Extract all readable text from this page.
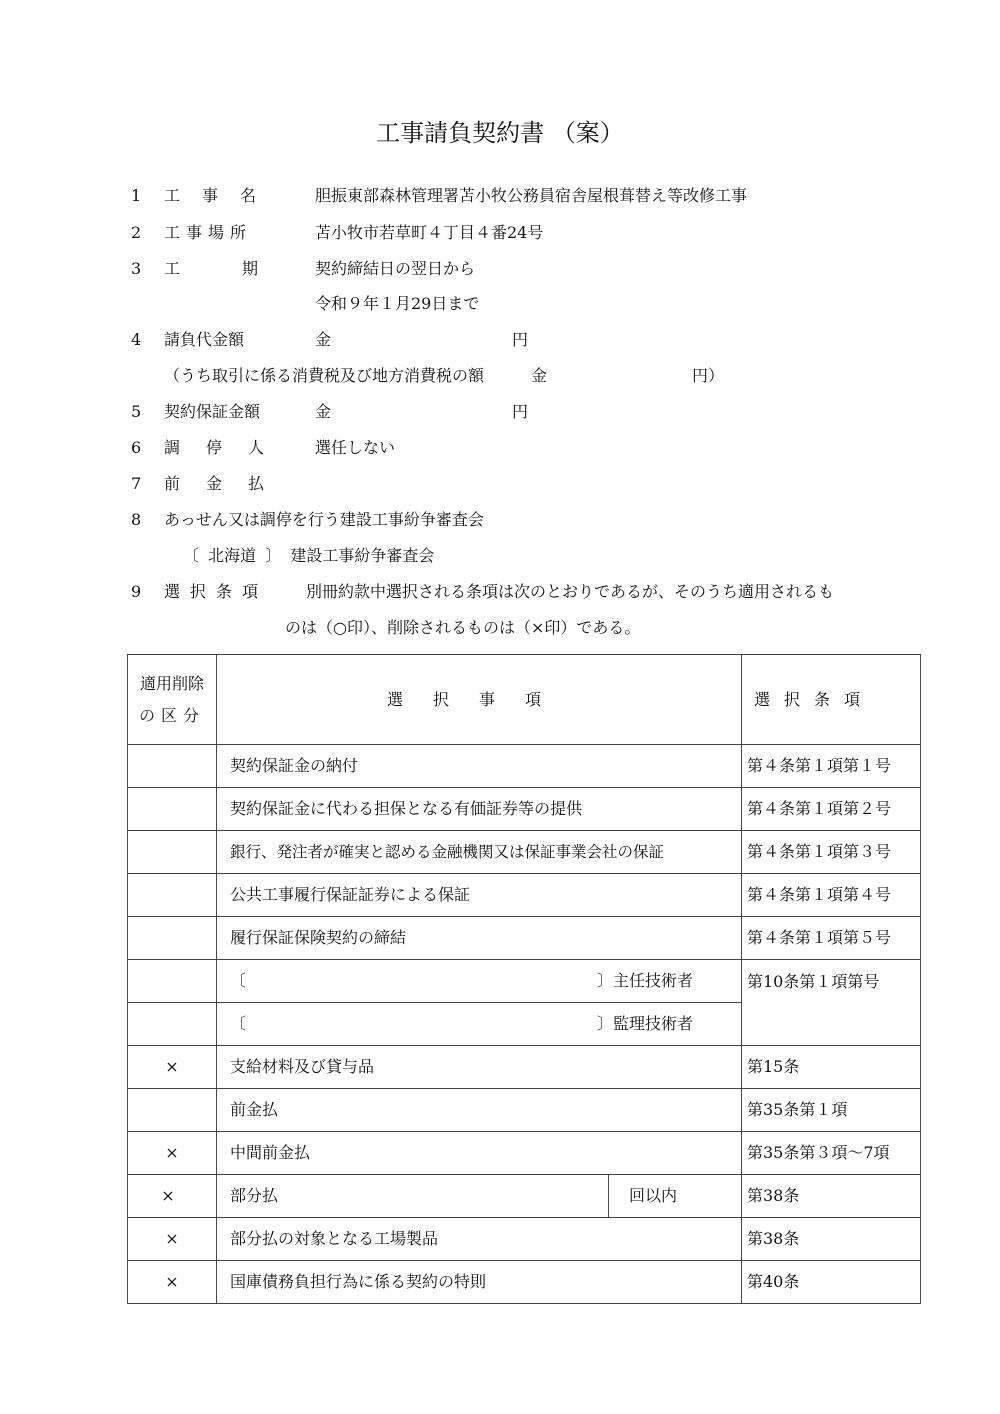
工事請負契約書 （案）
1 工事名 胆振東部森林管理署苫小牧公務員宿舎屋根葺替え等改修工事
2 工事場所	苫小牧市若草町４丁目４番24号
3 工期
契約締結日の翌日から
令和９年１月29日まで
4 請負代金額	金	円
（うち取引に係る消費税及び地方消費税の額	金	円）
5 契約保証金額	金	円
6 調停人 選任しない
7 前金払
8 あっせん又は調停を行う建設工事紛争審査会
〔 北海道 〕 建設工事紛争審査会
9 選択条項 別冊約款中選択される条項は次のとおりであるが、そのうち適用されるも
のは（○印）、削除されるものは（×印）である。
適用削除
の区分	選択事項	選択条項
	契約保証金の納付	第４条第１項第１号
	契約保証金に代わる担保となる有価証券等の提供	第４条第１項第２号
	銀行、発注者が確実と認める金融機関又は保証事業会社の保証	第４条第１項第３号
	公共工事履行保証証券による保証	第４条第１項第４号
	履行保証保険契約の締結	第４条第１項第５号

	〔 〕 主任技術者	第10条第１項第号

	〔 〕 監理技術者	

×	支給材料及び貸与品	第15条
	前金払	第35条第１項
×	中間前金払	第35条第３項〜7項
×	部分払 回以内	第38条
×	部分払の対象となる工場製品	第38条
×	国庫債務負担行為に係る契約の特則	第40条
